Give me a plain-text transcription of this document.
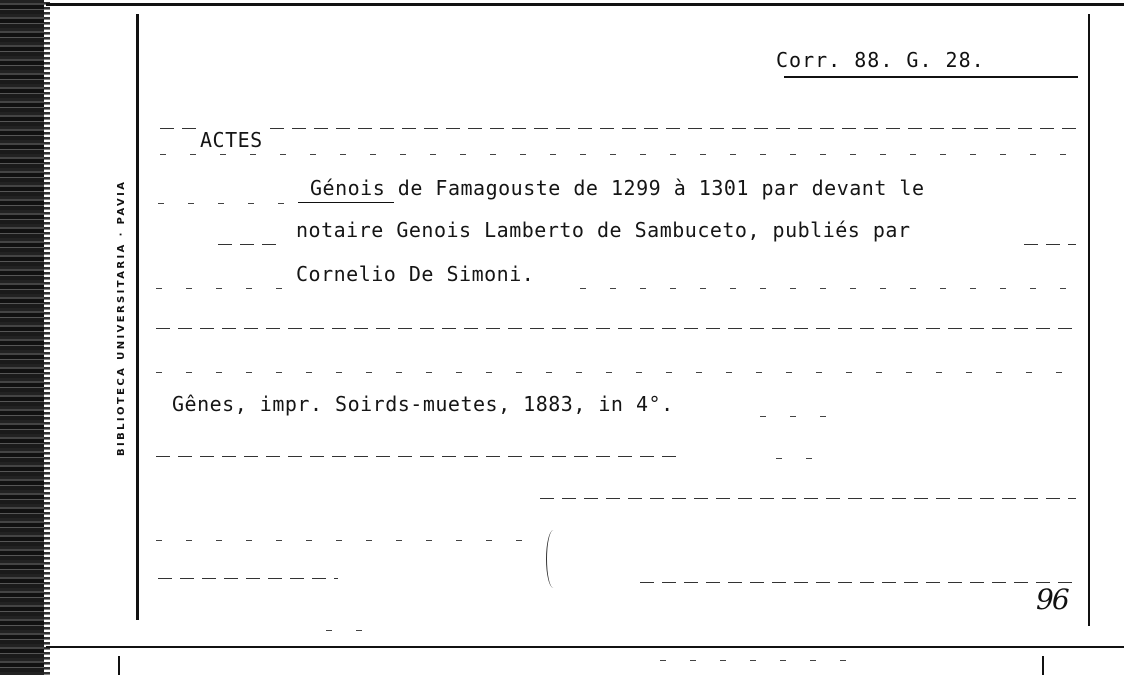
BIBLIOTECA UNIVERSITARIA · PAVIA
Corr. 88. G. 28.
ACTES
Génois de Famagouste de 1299 à 1301 par devant le
notaire Genois Lamberto de Sambuceto, publiés par
Cornelio De Simoni.
Gênes, impr. Soirds-muetes, 1883, in 4°.
96
